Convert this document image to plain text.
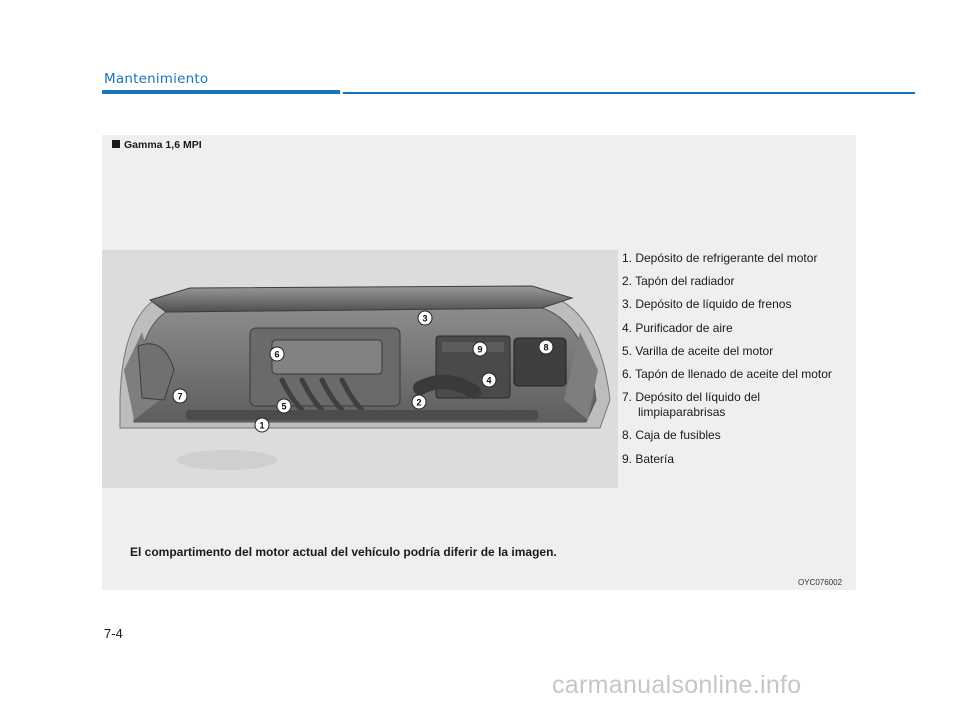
Mantenimiento
Gamma 1,6 MPI
1
2
3
4
5
6
7
8
9
1. Depósito de refrigerante del motor
2. Tapón del radiador
3. Depósito de líquido de frenos
4. Purificador de aire
5. Varilla de aceite del motor
6. Tapón de llenado de aceite del motor
7. Depósito del líquido del
limpiaparabrisas
8. Caja de fusibles
9. Batería
El compartimento del motor actual del vehículo podría diferir de la imagen.
OYC076002
7-4
carmanualsonline.info
